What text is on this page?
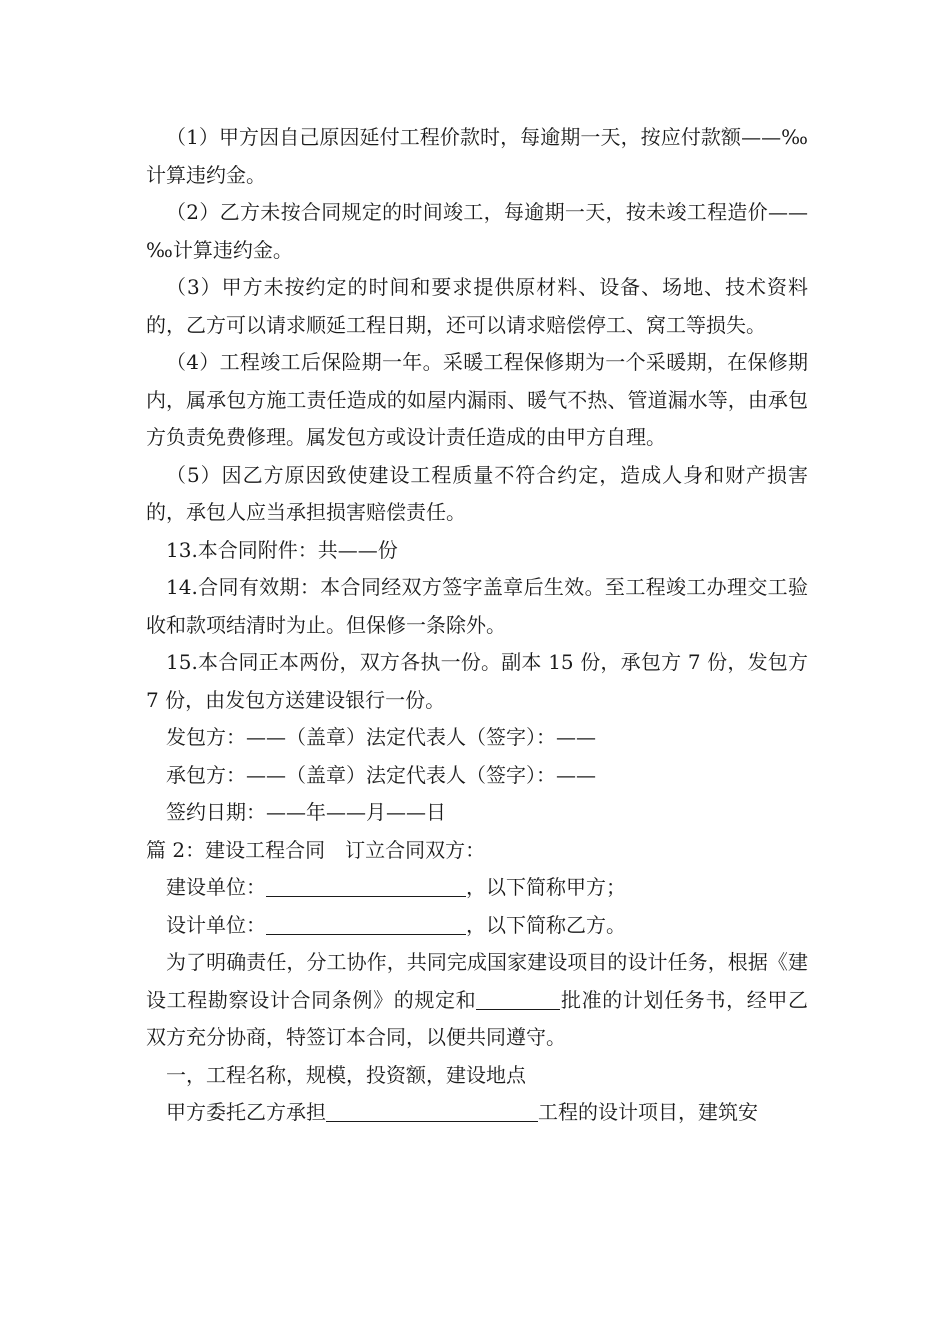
（1）甲方因自己原因延付工程价款时，每逾期一天，按应付款额——‰计算违约金。

（2）乙方未按合同规定的时间竣工，每逾期一天，按未竣工程造价——‰计算违约金。

（3）甲方未按约定的时间和要求提供原材料、设备、场地、技术资料的，乙方可以请求顺延工程日期，还可以请求赔偿停工、窝工等损失。

（4）工程竣工后保险期一年。采暖工程保修期为一个采暖期，在保修期内，属承包方施工责任造成的如屋内漏雨、暖气不热、管道漏水等，由承包方负责免费修理。属发包方或设计责任造成的由甲方自理。

（5）因乙方原因致使建设工程质量不符合约定，造成人身和财产损害的，承包人应当承担损害赔偿责任。

13.本合同附件：共——份

14.合同有效期：本合同经双方签字盖章后生效。至工程竣工办理交工验收和款项结清时为止。但保修一条除外。

15.本合同正本两份，双方各执一份。副本 15 份，承包方 7 份，发包方 7 份，由发包方送建设银行一份。

发包方：——（盖章）法定代表人（签字）：——

承包方：——（盖章）法定代表人（签字）：——

签约日期：——年——月——日

篇 2：建设工程合同　订立合同双方：

建设单位：	，以下简称甲方；

设计单位：	，以下简称乙方。

为了明确责任，分工协作，共同完成国家建设项目的设计任务，根据《建设工程勘察设计合同条例》的规定和	批准的计划任务书，经甲乙双方充分协商，特签订本合同，以便共同遵守。

一，工程名称，规模，投资额，建设地点

甲方委托乙方承担	工程的设计项目，建筑安
